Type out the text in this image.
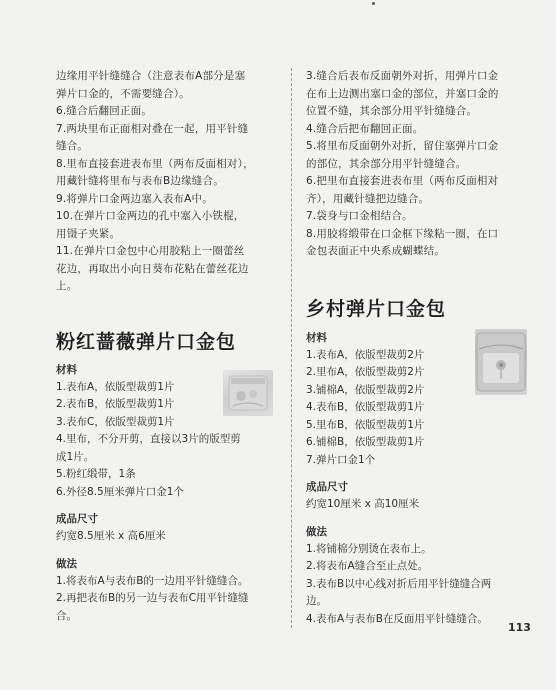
边缘用平针缝缝合（注意表布A部分是塞

弹片口金的，不需要缝合）。

6.缝合后翻回正面。

7.两块里布正面相对叠在一起，用平针缝

缝合。

8.里布直接套进表布里（两布反面相对），

用藏针缝将里布与表布B边缘缝合。

9.将弹片口金两边塞入表布A中。

10.在弹片口金两边的孔中塞入小铁棍，

用镊子夹紧。

11.在弹片口金包中心用胶粘上一圈蕾丝

花边，再取出小向日葵布花粘在蕾丝花边

上。

粉红蔷薇弹片口金包

材料

1.表布A，依版型裁剪1片

2.表布B，依版型裁剪1片

3.表布C，依版型裁剪1片

4.里布，不分开剪，直接以3片的版型剪

成1片。

5.粉红缎带，1条

6.外径8.5厘米弹片口金1个

成品尺寸

约宽8.5厘米 x 高6厘米

做法

1.将表布A与表布B的一边用平针缝缝合。

2.再把表布B的另一边与表布C用平针缝缝

合。

3.缝合后表布反面朝外对折，用弹片口金

在布上边测出塞口金的部位，并塞口金的

位置不缝，其余部分用平针缝缝合。

4.缝合后把布翻回正面。

5.将里布反面朝外对折，留住塞弹片口金

的部位，其余部分用平针缝缝合。

6.把里布直接套进表布里（两布反面相对

齐），用藏针缝把边缝合。

7.袋身与口金相结合。

8.用胶将缎带在口金框下缘粘一圈，在口

金包表面正中央系成蝴蝶结。

乡村弹片口金包

材料

1.表布A，依版型裁剪2片

2.里布A，依版型裁剪2片

3.铺棉A，依版型裁剪2片

4.表布B，依版型裁剪1片

5.里布B，依版型裁剪1片

6.铺棉B，依版型裁剪1片

7.弹片口金1个

成品尺寸

约宽10厘米 x 高10厘米

做法

1.将铺棉分别烫在表布上。

2.将表布A缝合至止点处。

3.表布B以中心线对折后用平针缝缝合两

边。

4.表布A与表布B在反面用平针缝缝合。

113
